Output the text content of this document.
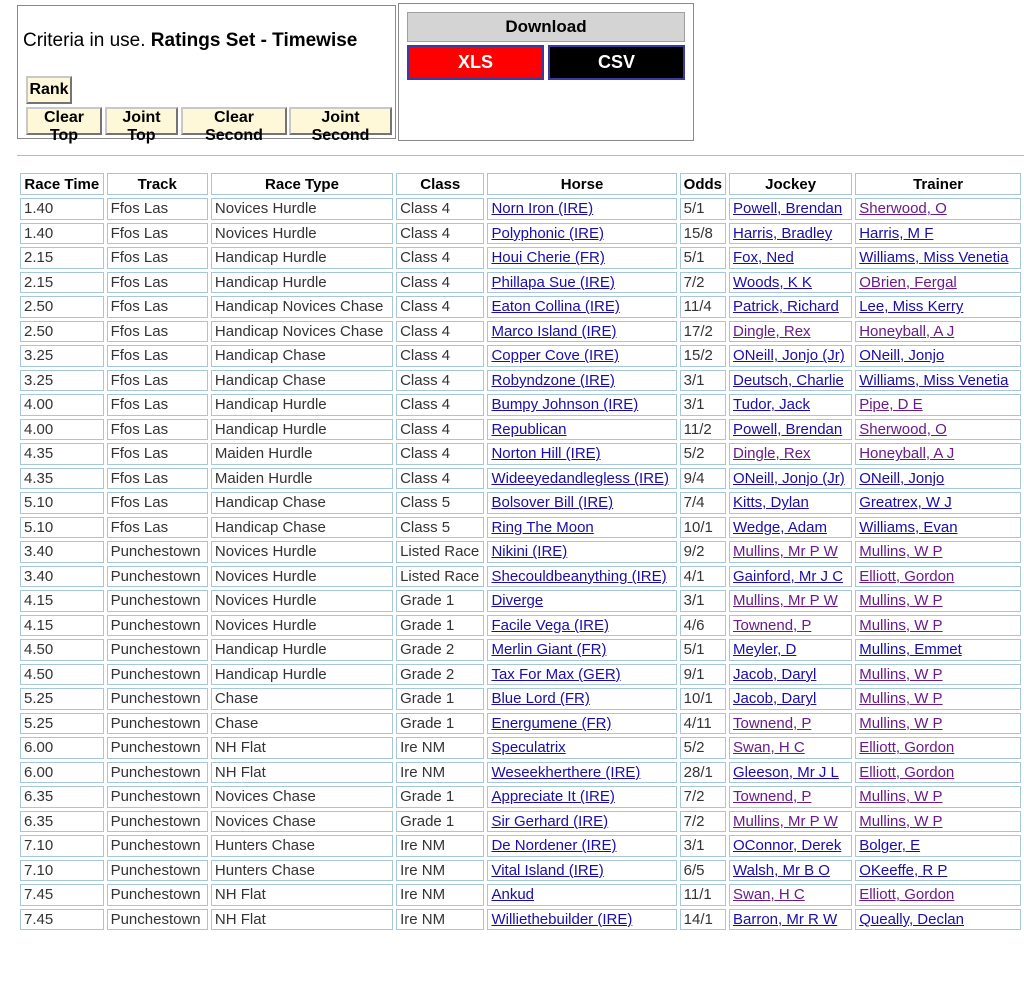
Criteria in use. Ratings Set - Timewise
Rank
Clear Top
Joint Top
Clear Second
Joint Second
Download
XLS	CSV
Race Time	Track	Race Type	Class	Horse	Odds	Jockey	Trainer
1.40	Ffos Las	Novices Hurdle	Class 4	Norn Iron (IRE)	5/1	Powell, Brendan	Sherwood, O
1.40	Ffos Las	Novices Hurdle	Class 4	Polyphonic (IRE)	15/8	Harris, Bradley	Harris, M F
2.15	Ffos Las	Handicap Hurdle	Class 4	Houi Cherie (FR)	5/1	Fox, Ned	Williams, Miss Venetia
2.15	Ffos Las	Handicap Hurdle	Class 4	Phillapa Sue (IRE)	7/2	Woods, K K	OBrien, Fergal
2.50	Ffos Las	Handicap Novices Chase	Class 4	Eaton Collina (IRE)	11/4	Patrick, Richard	Lee, Miss Kerry
2.50	Ffos Las	Handicap Novices Chase	Class 4	Marco Island (IRE)	17/2	Dingle, Rex	Honeyball, A J
3.25	Ffos Las	Handicap Chase	Class 4	Copper Cove (IRE)	15/2	ONeill, Jonjo (Jr)	ONeill, Jonjo
3.25	Ffos Las	Handicap Chase	Class 4	Robyndzone (IRE)	3/1	Deutsch, Charlie	Williams, Miss Venetia
4.00	Ffos Las	Handicap Hurdle	Class 4	Bumpy Johnson (IRE)	3/1	Tudor, Jack	Pipe, D E
4.00	Ffos Las	Handicap Hurdle	Class 4	Republican	11/2	Powell, Brendan	Sherwood, O
4.35	Ffos Las	Maiden Hurdle	Class 4	Norton Hill (IRE)	5/2	Dingle, Rex	Honeyball, A J
4.35	Ffos Las	Maiden Hurdle	Class 4	Wideeyedandlegless (IRE)	9/4	ONeill, Jonjo (Jr)	ONeill, Jonjo
5.10	Ffos Las	Handicap Chase	Class 5	Bolsover Bill (IRE)	7/4	Kitts, Dylan	Greatrex, W J
5.10	Ffos Las	Handicap Chase	Class 5	Ring The Moon	10/1	Wedge, Adam	Williams, Evan
3.40	Punchestown	Novices Hurdle	Listed Race	Nikini (IRE)	9/2	Mullins, Mr P W	Mullins, W P
3.40	Punchestown	Novices Hurdle	Listed Race	Shecouldbeanything (IRE)	4/1	Gainford, Mr J C	Elliott, Gordon
4.15	Punchestown	Novices Hurdle	Grade 1	Diverge	3/1	Mullins, Mr P W	Mullins, W P
4.15	Punchestown	Novices Hurdle	Grade 1	Facile Vega (IRE)	4/6	Townend, P	Mullins, W P
4.50	Punchestown	Handicap Hurdle	Grade 2	Merlin Giant (FR)	5/1	Meyler, D	Mullins, Emmet
4.50	Punchestown	Handicap Hurdle	Grade 2	Tax For Max (GER)	9/1	Jacob, Daryl	Mullins, W P
5.25	Punchestown	Chase	Grade 1	Blue Lord (FR)	10/1	Jacob, Daryl	Mullins, W P
5.25	Punchestown	Chase	Grade 1	Energumene (FR)	4/11	Townend, P	Mullins, W P
6.00	Punchestown	NH Flat	Ire NM	Speculatrix	5/2	Swan, H C	Elliott, Gordon
6.00	Punchestown	NH Flat	Ire NM	Weseekherthere (IRE)	28/1	Gleeson, Mr J L	Elliott, Gordon
6.35	Punchestown	Novices Chase	Grade 1	Appreciate It (IRE)	7/2	Townend, P	Mullins, W P
6.35	Punchestown	Novices Chase	Grade 1	Sir Gerhard (IRE)	7/2	Mullins, Mr P W	Mullins, W P
7.10	Punchestown	Hunters Chase	Ire NM	De Nordener (IRE)	3/1	OConnor, Derek	Bolger, E
7.10	Punchestown	Hunters Chase	Ire NM	Vital Island (IRE)	6/5	Walsh, Mr B O	OKeeffe, R P
7.45	Punchestown	NH Flat	Ire NM	Ankud	11/1	Swan, H C	Elliott, Gordon
7.45	Punchestown	NH Flat	Ire NM	Williethebuilder (IRE)	14/1	Barron, Mr R W	Queally, Declan
